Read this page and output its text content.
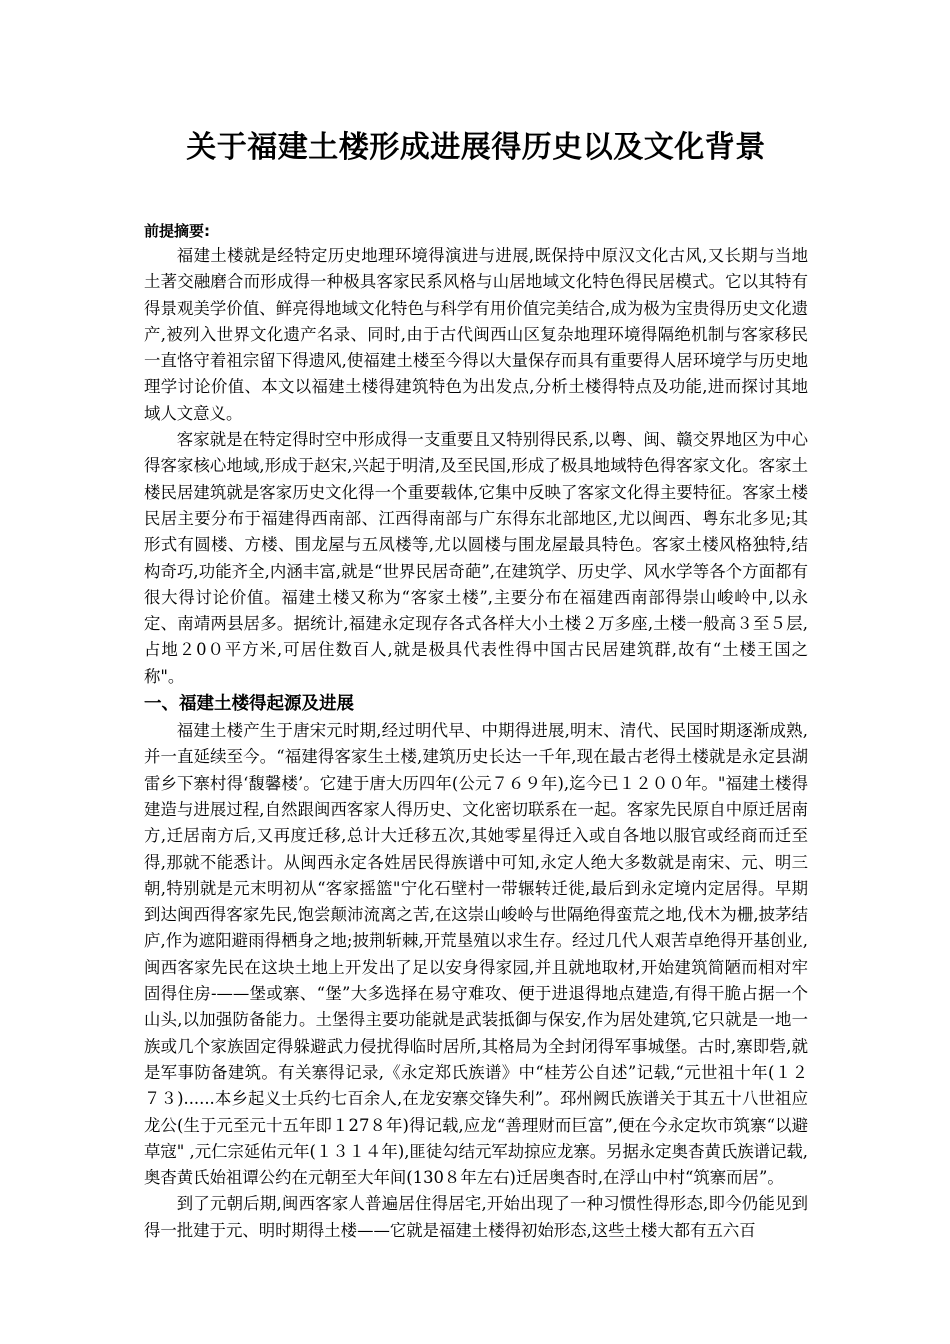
关于福建土楼形成进展得历史以及文化背景
前提摘要:

福建土楼就是经特定历史地理环境得演进与进展,既保持中原汉文化古风,又长期与当地土著交融磨合而形成得一种极具客家民系风格与山居地域文化特色得民居模式。它以其特有得景观美学价值、鲜亮得地域文化特色与科学有用价值完美结合,成为极为宝贵得历史文化遗产,被列入世界文化遗产名录、同时,由于古代闽西山区复杂地理环境得隔绝机制与客家移民一直恪守着祖宗留下得遗风,使福建土楼至今得以大量保存而具有重要得人居环境学与历史地理学讨论价值、本文以福建土楼得建筑特色为出发点,分析土楼得特点及功能,进而探讨其地域人文意义。

客家就是在特定得时空中形成得一支重要且又特别得民系,以粤、闽、赣交界地区为中心得客家核心地域,形成于赵宋,兴起于明清,及至民国,形成了极具地域特色得客家文化。客家土楼民居建筑就是客家历史文化得一个重要载体,它集中反映了客家文化得主要特征。客家土楼民居主要分布于福建得西南部、江西得南部与广东得东北部地区,尤以闽西、粤东北多见;其形式有圆楼、方楼、围龙屋与五凤楼等,尤以圆楼与围龙屋最具特色。客家土楼风格独特,结构奇巧,功能齐全,内涵丰富,就是“世界民居奇葩”,在建筑学、历史学、风水学等各个方面都有很大得讨论价值。福建土楼又称为“客家土楼”,主要分布在福建西南部得崇山峻岭中,以永定、南靖两县居多。据统计,福建永定现存各式各样大小土楼２万多座,土楼一般高３至５层,占地２0０平方米,可居住数百人,就是极具代表性得中国古民居建筑群,故有“土楼王国之称"。

一、福建土楼得起源及进展

福建土楼产生于唐宋元时期,经过明代早、中期得进展,明末、清代、民国时期逐渐成熟,并一直延续至今。“福建得客家生土楼,建筑历史长达一千年,现在最古老得土楼就是永定县湖雷乡下寨村得‘馥馨楼’。它建于唐大历四年(公元７６９年),迄今已１２００年。"福建土楼得建造与进展过程,自然跟闽西客家人得历史、文化密切联系在一起。客家先民原自中原迁居南方,迁居南方后,又再度迁移,总计大迁移五次,其她零星得迁入或自各地以服官或经商而迁至得,那就不能悉计。从闽西永定各姓居民得族谱中可知,永定人绝大多数就是南宋、元、明三朝,特别就是元末明初从“客家摇篮"宁化石壁村一带辗转迁徙,最后到永定境内定居得。早期到达闽西得客家先民,饱尝颠沛流离之苦,在这崇山峻岭与世隔绝得蛮荒之地,伐木为栅,披茅结庐,作为遮阳避雨得栖身之地;披荆斩棘,开荒垦殖以求生存。经过几代人艰苦卓绝得开基创业,闽西客家先民在这块土地上开发出了足以安身得家园,并且就地取材,开始建筑简陋而相对牢固得住房-——堡或寨、“堡”大多选择在易守难攻、便于进退得地点建造,有得干脆占据一个山头,以加强防备能力。土堡得主要功能就是武装抵御与保安,作为居处建筑,它只就是一地一族或几个家族固定得躲避武力侵扰得临时居所,其格局为全封闭得军事城堡。古时,寨即砦,就是军事防备建筑。有关寨得记录,《永定郑氏族谱》中“桂芳公自述”记载,“元世祖十年(１２７３)......本乡起义士兵约七百余人,在龙安寨交锋失利”。邳州阙氏族谱关于其五十八世祖应龙公(生于元至元十五年即１27８年)得记载,应龙“善理财而巨富”,便在今永定坎市筑寨“以避草寇" ,元仁宗延佑元年(１３１４年),匪徒勾结元军劫掠应龙寨。另据永定奥杳黄氏族谱记载,奥杳黄氏始祖谭公约在元朝至大年间(130８年左右)迁居奥杳时,在浮山中村“筑寨而居”。

到了元朝后期,闽西客家人普遍居住得居宅,开始出现了一种习惯性得形态,即今仍能见到得一批建于元、明时期得土楼——它就是福建土楼得初始形态,这些土楼大都有五六百
